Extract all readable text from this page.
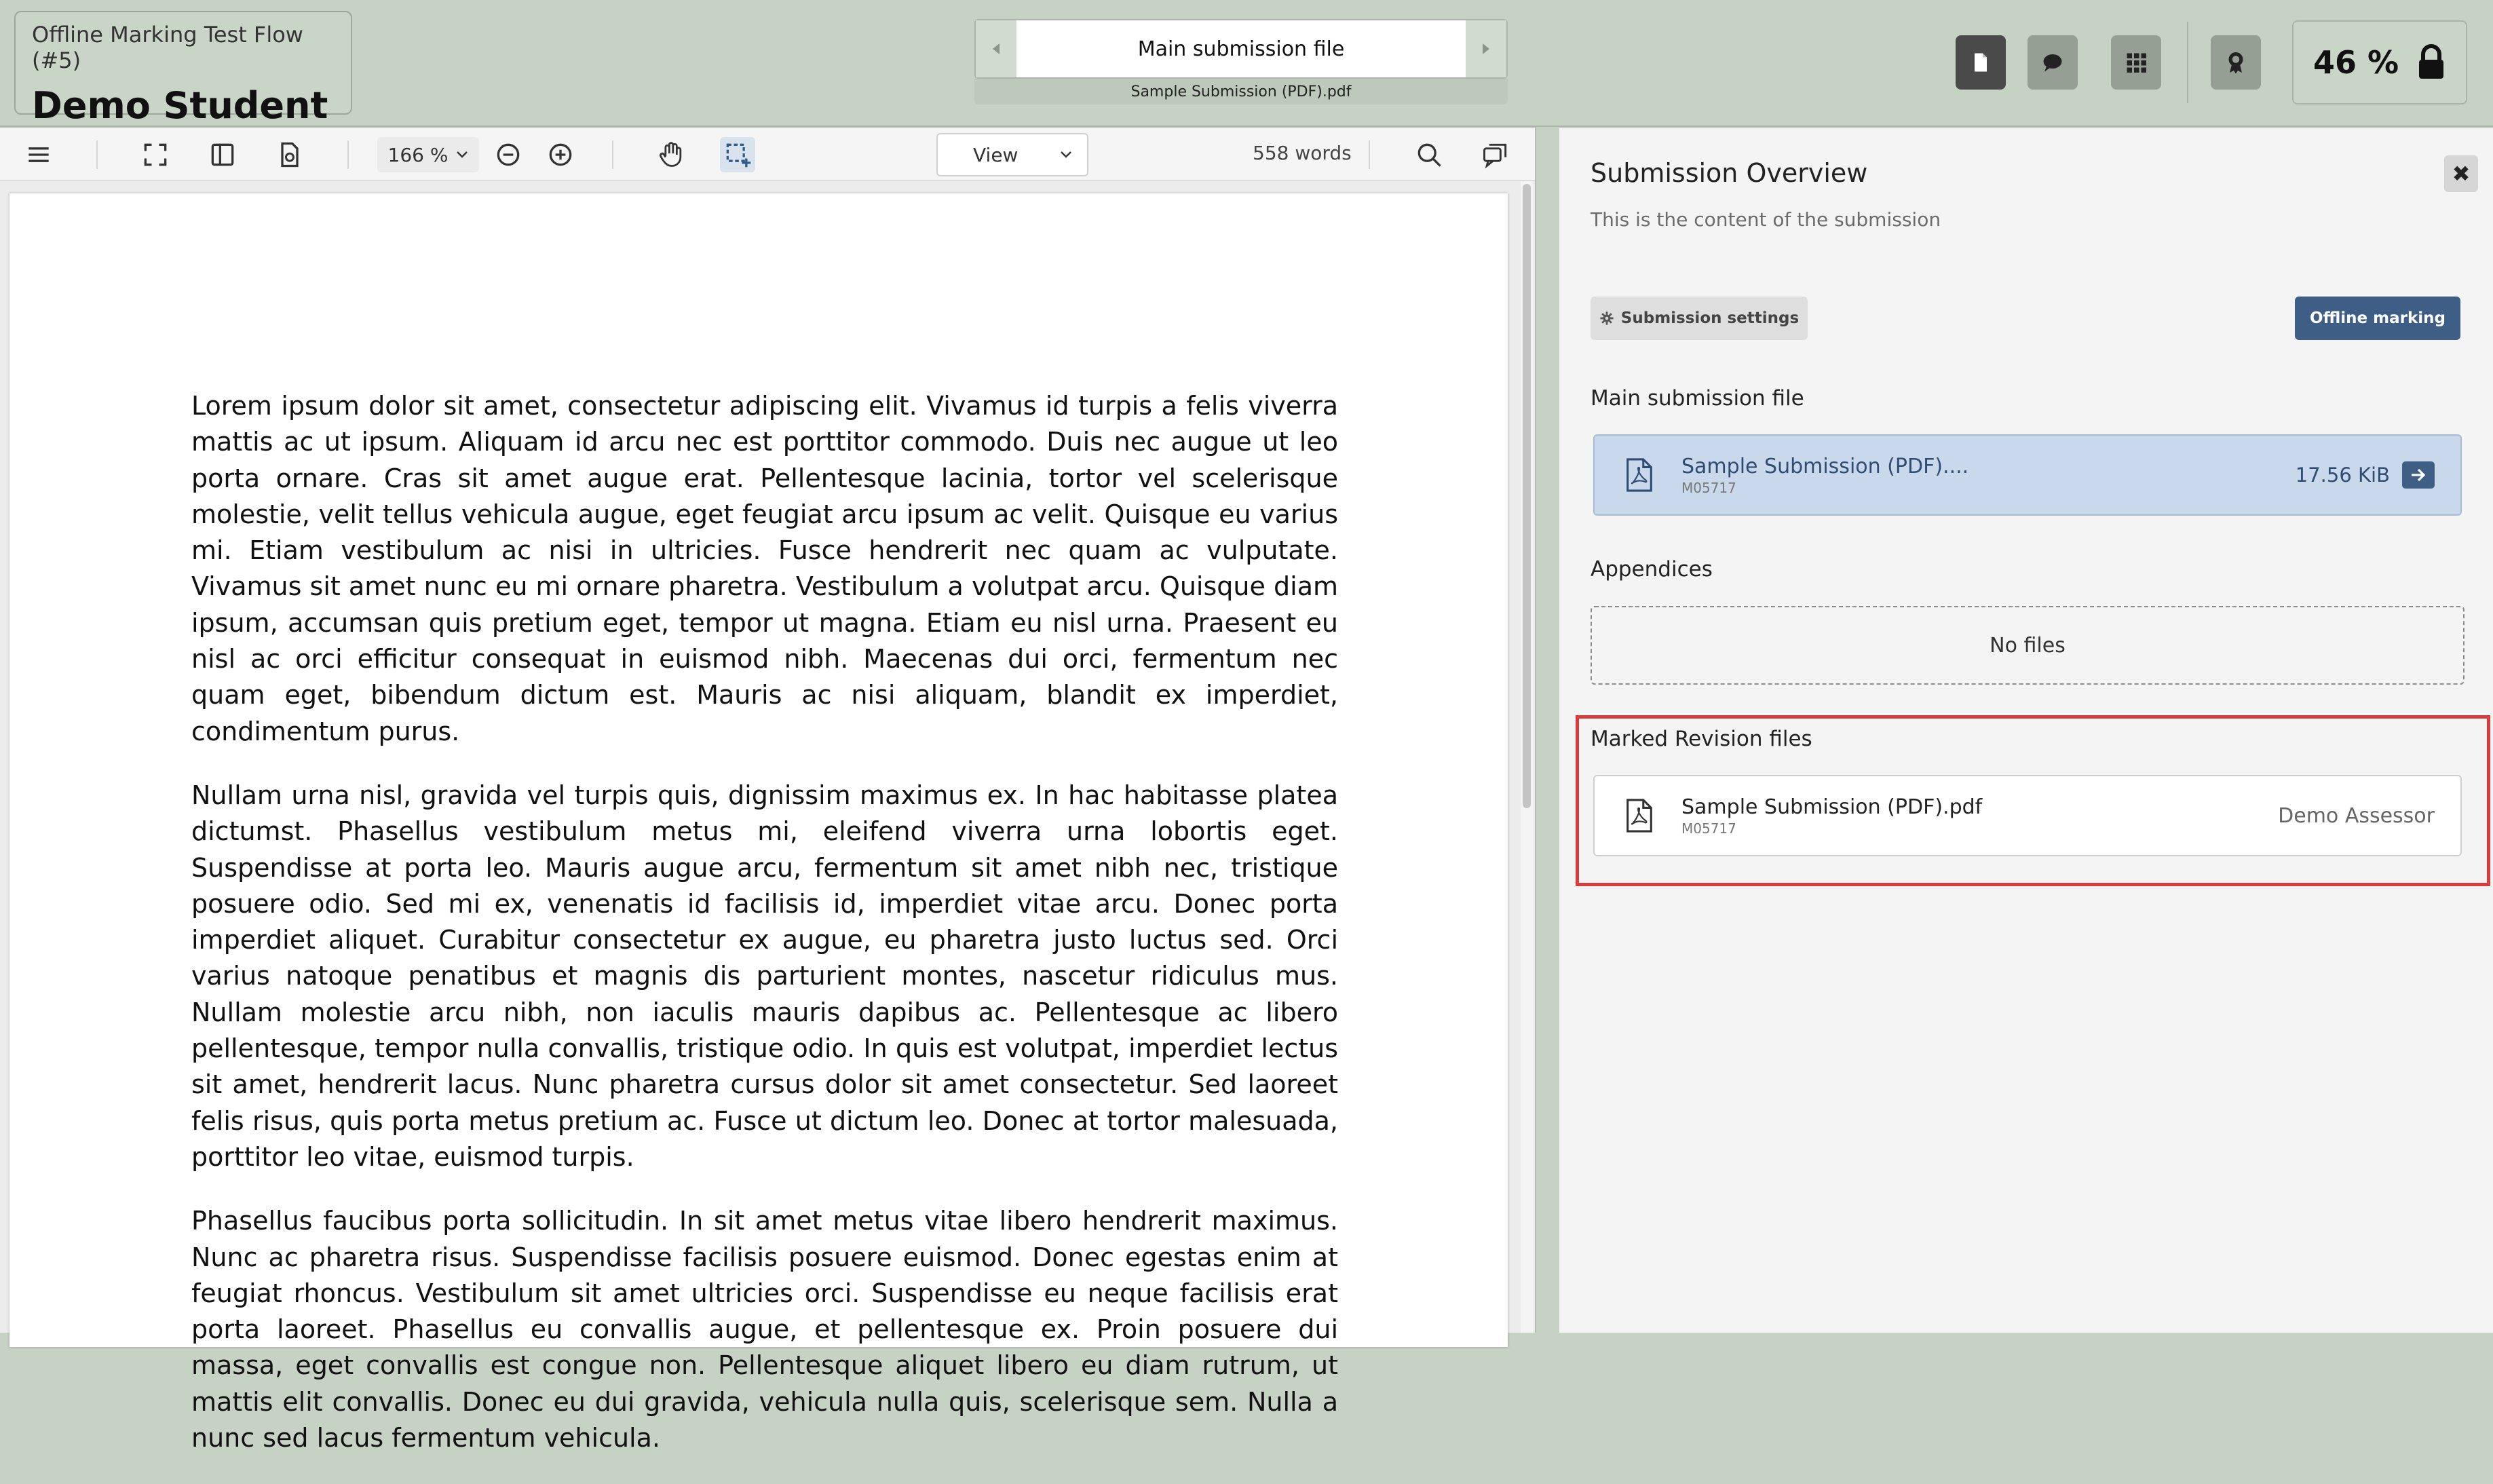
Offline Marking Test Flow (#5)
Demo Student
Main submission file
Sample Submission (PDF).pdf
46 %
166 %	View	558 words

Lorem ipsum dolor sit amet, consectetur adipiscing elit. Vivamus id turpis a felis viverra mattis ac ut ipsum. Aliquam id arcu nec est porttitor commodo. Duis nec augue ut leo porta ornare. Cras sit amet augue erat. Pellentesque lacinia, tortor vel scelerisque molestie, velit tellus vehicula augue, eget feugiat arcu ipsum ac velit. Quisque eu varius mi. Etiam vestibulum ac nisi in ultricies. Fusce hendrerit nec quam ac vulputate. Vivamus sit amet nunc eu mi ornare pharetra. Vestibulum a volutpat arcu. Quisque diam ipsum, accumsan quis pretium eget, tempor ut magna. Etiam eu nisl urna. Praesent eu nisl ac orci efficitur consequat in euismod nibh. Maecenas dui orci, fermentum nec quam eget, bibendum dictum est. Mauris ac nisi aliquam, blandit ex imperdiet, condimentum purus.

Nullam urna nisl, gravida vel turpis quis, dignissim maximus ex. In hac habitasse platea dictumst. Phasellus vestibulum metus mi, eleifend viverra urna lobortis eget. Suspendisse at porta leo. Mauris augue arcu, fermentum sit amet nibh nec, tristique posuere odio. Sed mi ex, venenatis id facilisis id, imperdiet vitae arcu. Donec porta imperdiet aliquet. Curabitur consectetur ex augue, eu pharetra justo luctus sed. Orci varius natoque penatibus et magnis dis parturient montes, nascetur ridiculus mus. Nullam molestie arcu nibh, non iaculis mauris dapibus ac. Pellentesque ac libero pellentesque, tempor nulla convallis, tristique odio. In quis est volutpat, imperdiet lectus sit amet, hendrerit lacus. Nunc pharetra cursus dolor sit amet consectetur. Sed laoreet felis risus, quis porta metus pretium ac. Fusce ut dictum leo. Donec at tortor malesuada, porttitor leo vitae, euismod turpis.

Phasellus faucibus porta sollicitudin. In sit amet metus vitae libero hendrerit maximus. Nunc ac pharetra risus. Suspendisse facilisis posuere euismod. Donec egestas enim at feugiat rhoncus. Vestibulum sit amet ultricies orci. Suspendisse eu neque facilisis erat porta laoreet. Phasellus eu convallis augue, et pellentesque ex. Proin posuere dui massa, eget convallis est congue non. Pellentesque aliquet libero eu diam rutrum, ut mattis elit convallis. Donec eu dui gravida, vehicula nulla quis, scelerisque sem. Nulla a nunc sed lacus fermentum vehicula.

Submission Overview
This is the content of the submission
✖
Submission settings	Offline marking
Main submission file
Sample Submission (PDF)....
M05717
17.56 KiB
Appendices
No files
Marked Revision files
Sample Submission (PDF).pdf
M05717
Demo Assessor
